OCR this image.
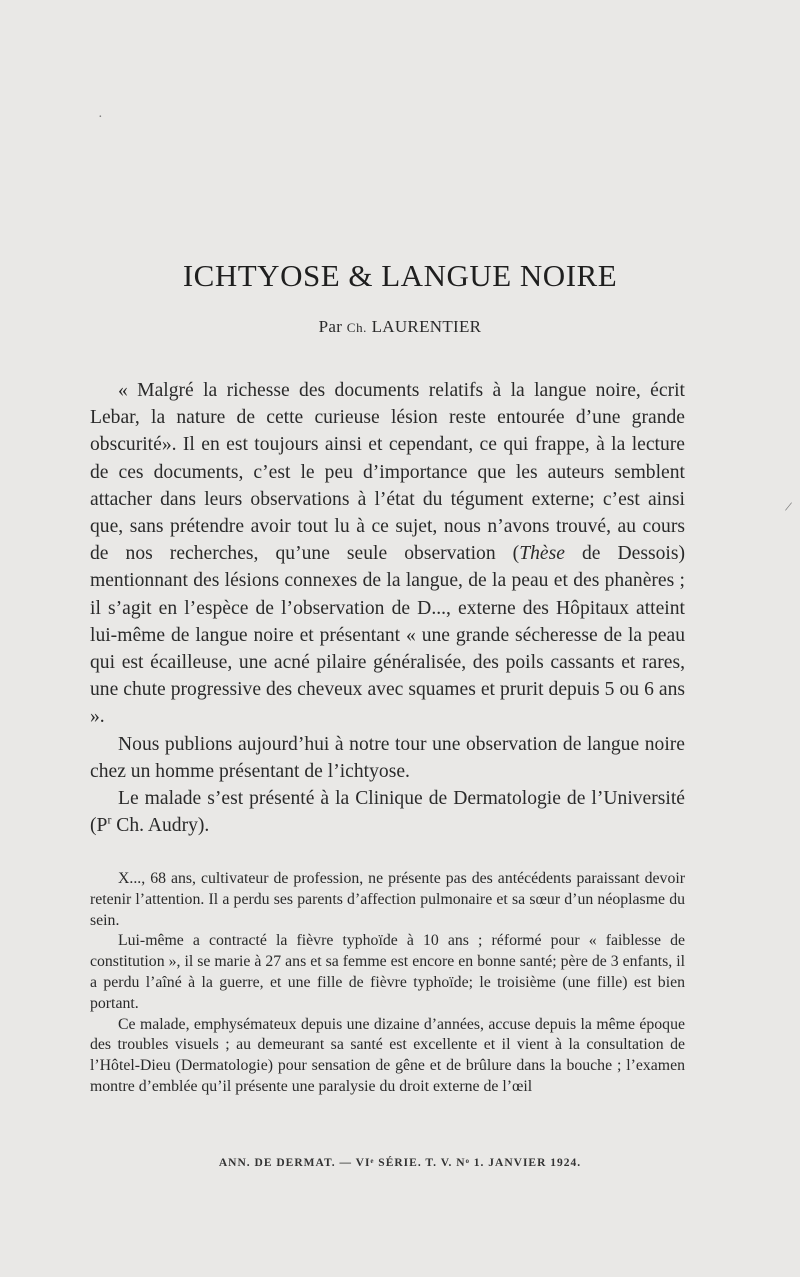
·
/
ICHTYOSE & LANGUE NOIRE
Par Ch. LAURENTIER

« Malgré la richesse des documents relatifs à la langue noire, écrit Lebar, la nature de cette curieuse lésion reste entourée d’une grande obscurité». Il en est toujours ainsi et cependant, ce qui frappe, à la lecture de ces documents, c’est le peu d’importance que les auteurs semblent attacher dans leurs observations à l’état du tégument externe; c’est ainsi que, sans prétendre avoir tout lu à ce sujet, nous n’avons trouvé, au cours de nos recherches, qu’une seule observation (Thèse de Dessois) mentionnant des lésions connexes de la langue, de la peau et des phanères ; il s’agit en l’espèce de l’observation de D..., externe des Hôpitaux atteint lui-même de langue noire et présentant « une grande sécheresse de la peau qui est écailleuse, une acné pilaire généralisée, des poils cassants et rares, une chute progressive des cheveux avec squames et prurit depuis 5 ou 6 ans ».

Nous publions aujourd’hui à notre tour une observation de langue noire chez un homme présentant de l’ichtyose.

Le malade s’est présenté à la Clinique de Dermatologie de l’Université ($P^r$ Ch. Audry).

X..., 68 ans, cultivateur de profession, ne présente pas des antécédents paraissant devoir retenir l’attention. Il a perdu ses parents d’affection pulmonaire et sa sœur d’un néoplasme du sein.

Lui-même a contracté la fièvre typhoïde à 10 ans ; réformé pour « faiblesse de constitution », il se marie à 27 ans et sa femme est encore en bonne santé; père de 3 enfants, il a perdu l’aîné à la guerre, et une fille de fièvre typhoïde; le troisième (une fille) est bien portant.

Ce malade, emphysémateux depuis une dizaine d’années, accuse depuis la même époque des troubles visuels ; au demeurant sa santé est excellente et il vient à la consultation de l’Hôtel-Dieu (Dermatologie) pour sensation de gêne et de brûlure dans la bouche ; l’examen montre d’emblée qu’il présente une paralysie du droit externe de l’œil

ANN. DE DERMAT. — VIᵉ SÉRIE. T. V. Nᵒ 1. JANVIER 1924.
